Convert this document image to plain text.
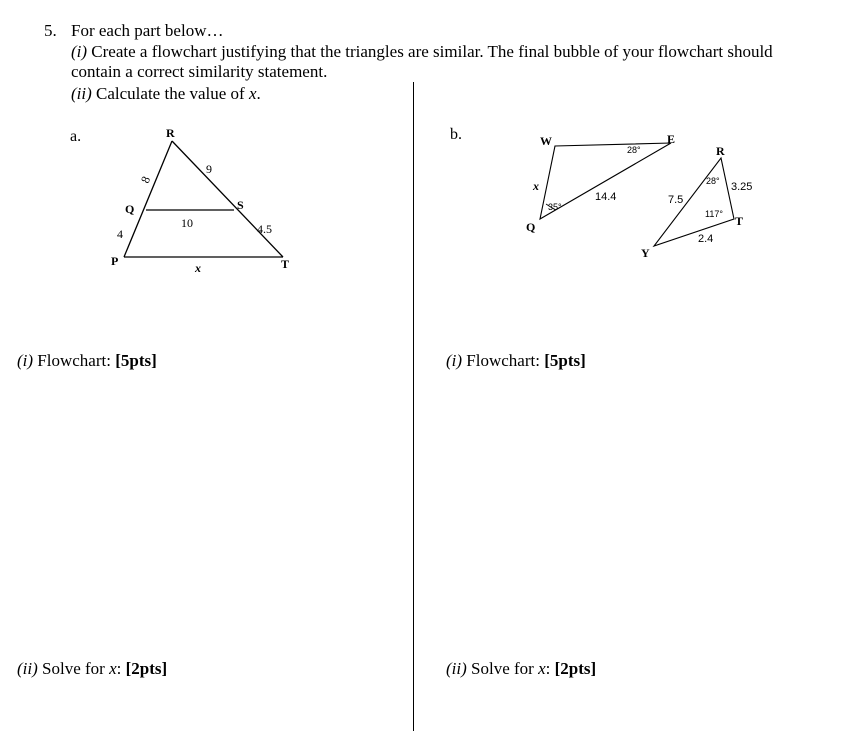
5. For each part below…
(i) Create a flowchart justifying that the triangles are similar. The final bubble of your flowchart should
contain a correct similarity statement.
(ii) Calculate the value of x.
a.	R
Q	S
P	T
8
9
10	4.5
4
x
W	E
Q
x
14.4
28°
35°
R
T
Y
7.5
3.25
28°
117°
2.4
b.
(i) Flowchart: [5pts]	(i) Flowchart: [5pts]
(ii) Solve for x: [2pts]	(ii) Solve for x: [2pts]
